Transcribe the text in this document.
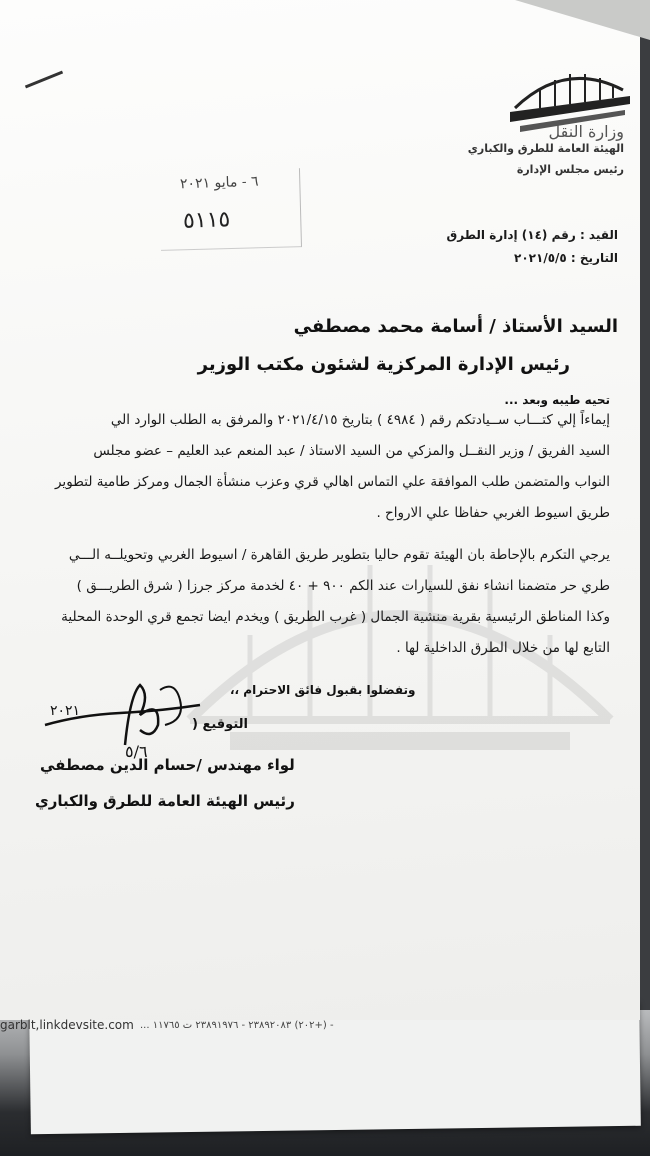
وزارة النقل
الهيئة العامة للطرق والكباري
رئيس مجلس الإدارة
٦ - مايو ٢٠٢١
٥١١٥
القيد : رقم (١٤) إدارة الطرق
التاريخ : ٢٠٢١/٥/٥
السيد الأستاذ / أسامة محمد مصطفي
رئيس الإدارة المركزية لشئون مكتب الوزير
تحيه طيبه وبعد ...
إيماءاً إلي كتـــاب ســيادتكم رقم ( ٤٩٨٤ ) بتاريخ ٢٠٢١/٤/١٥ والمرفق به الطلب الوارد الي
السيد الفريق / وزير النقــل والمزكي من السيد الاستاذ / عبد المنعم عبد العليم – عضو مجلس
النواب والمتضمن طلب الموافقة علي التماس اهالي قري وعزب منشأة الجمال ومركز طامية لتطوير
طريق اسيوط الغربي حفاظا علي الارواح .
يرجي التكرم بالإحاطة بان الهيئة تقوم حاليا بتطوير طريق القاهرة / اسيوط الغربي وتحويلــه الـــي
طري حر متضمنا انشاء نفق للسيارات عند الكم ٩٠٠ + ٤٠ لخدمة مركز جرزا ( شرق الطريـــق )
وكذا المناطق الرئيسية بقرية منشية الجمال ( غرب الطريق ) ويخدم ايضا تجمع قري الوحدة المحلية
التابع لها من خلال الطرق الداخلية لها .
وتفضلوا بقبول فائق الاحترام ،،
٢٠٢١
٥/٦
التوقيع (
لواء مهندس /حسام الدين مصطفي
رئيس الهيئة العامة للطرق والكباري
garblt,linkdevsite.com - (+٢٠٢) ٢٣٨٩٢٠٨٣ - ٢٣٨٩١٩٧٦ ت ١١٧٦٥ ...
